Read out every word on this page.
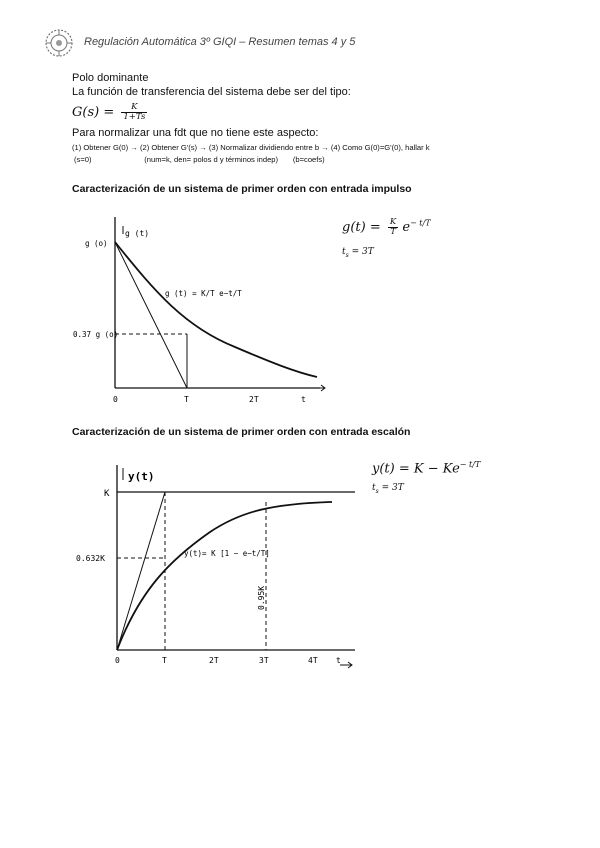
Regulación Automática 3º GIQI – Resumen temas 4 y 5
Polo dominante
La función de transferencia del sistema debe ser del tipo:
$G(s) = \frac{K}{1+Ts}$
Para normalizar una fdt que no tiene este aspecto:
(1) Obtener G(0) → (2) Obtener G'(s) → (3) Normalizar dividiendo entre b → (4) Como G(0)=G'(0), hallar k
(s=0)                         (num=k, den= polos d y términos indep)       (b=coefs)
Caracterización de un sistema de primer orden con entrada impulso
g (t)
g (o)
0.37 g (o)
g (t) = K/T e−t/T
0	T	2T	t
$g(t) = \frac{K}{T} e^{- t/T}$
$t_s = 3T$
Caracterización de un sistema de primer orden con entrada escalón
y(t)
K
0.632K
y(t)= K [1 − e−t/T]
0.95K
0	T	2T	3T	4T t
$y(t) = K - Ke^{- t/T}$
$t_s = 3T$
